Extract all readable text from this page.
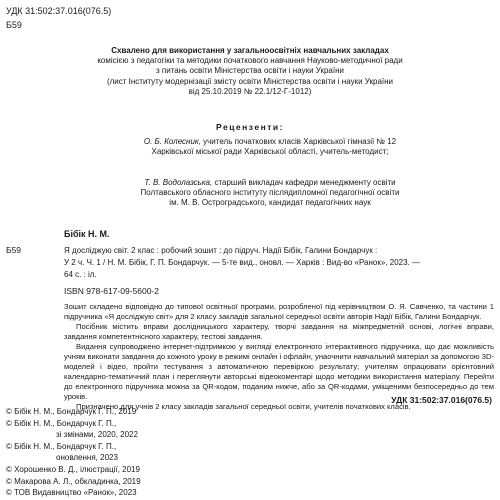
УДК 31:502:37.016(076.5)
Б59
Схвалено для використання у загальноосвітніх навчальних закладах
комісією з педагогіки та методики початкового навчання Науково-методичної ради
з питань освіти Міністерства освіти і науки України
(лист Інституту модернізації змісту освіти Міністерства освіти і науки України
від 25.10.2019 № 22.1/12-Г-1012)
Рецензенти:
О. Б. Колесник, учитель початкових класів Харківської гімназії № 12
Харківської міської ради Харківської області, учитель-методист;
Т. В. Водолазська, старший викладач кафедри менеджменту освіти
Полтавського обласного інституту післядипломної педагогічної освіти
ім. М. В. Остроградського, кандидат педагогічних наук
Бібік Н. М.
Б59	Я досліджую світ. 2 клас : робочий зошит : до підруч. Надії Бібік, Галини Бондарчук :
У 2 ч. Ч. 1 / Н. М. Бібік, Г. П. Бондарчук. — 5-те вид., оновл. — Харків : Вид-во «Ранок», 2023. —
64 с. : іл.
ISBN 978-617-09-5600-2

Зошит складено відповідно до типової освітньої програми, розробленої під керівництвом О. Я. Савченко, та частини 1 підручника «Я досліджую світ» для 2 класу закладів загальної середньої освіти авторів Надії Бібік, Галини Бондарчук.

Посібник містить вправи дослідницького характеру, творчі завдання на міжпредметній основі, логічні вправи, завдання компетентнісного характеру, тестові завдання.

Видання супроводжено інтернет-підтримкою у вигляді електронного інтерактивного підручника, що дає можливість учням виконати завдання до кожного уроку в режимі онлайн і офлайн, унаочнити навчальний матеріал за допомогою 3D-моделей і відео, пройти тестування з автоматичною перевіркою результату; учителям опрацювати орієнтовний календарно-тематичний план і переглянути авторські відеокоментарі щодо методики використання матеріалу. Перейти до електронного підручника можна за QR-кодом, поданим нижче, або за QR-кодами, уміщеними безпосередньо до тем уроків.

Призначено для учнів 2 класу закладів загальної середньої освіти, учителів початкових класів.

УДК 31:502:37.016(076.5)
© Бібік Н. М., Бондарчук Г. П., 2019
© Бібік Н. М., Бондарчук Г. П.,
зі змінами, 2020, 2022
© Бібік Н. М., Бондарчук Г. П.,
оновлення, 2023
© Хорошенко В. Д., ілюстрації, 2019
© Макарова А. Л., обкладинка, 2019
© ТОВ Видавництво «Ранок», 2023
